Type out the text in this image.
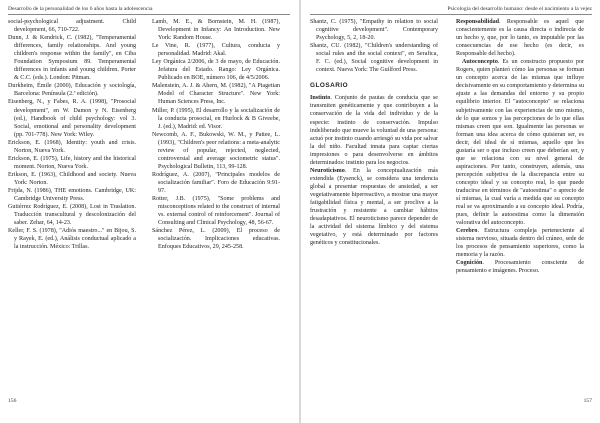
Desarrollo de la personalidad de los 6 años hasta la adolescencia

social-psychological adjustment. Child development, 66, 710-722.

Dunn, J. & Kendrick, C. (1982), "Temperamental differences, family relationships. And young children's response within the family", en Ciba Foundation Symposium 89. Temperamental differences in infants and young children. Porter & C.C. (eds.). London: Pitman.

Durkheim, Émile (2000), Educación y sociología, Barcelona: Península (2.ª edición).

Eisenberg, N., y Fabes, R. A. (1998), "Prosocial development", en W. Damon y N. Eisenberg (ed.), Handbook of child psychology: vol 3. Social, emotional and personality development (pp. 701-778). New York: Wiley.

Erickson, E. (1968), Identity: youth and crisis. Norton, Nueva York.

Erickson, E. (1975), Life, history and the historical moment. Norton, Nueva York.

Erikson, E. (1963), Childhood and society. Nueva York: Norton.

Frijda, N. (1986), THE emotions. Cambridge, UK: Cambridge University Press.

Gutiérrez Rodríguez, E. (2008), Lost in Traslation. Traducción transcultural y descolonización del saber. Zehar, 64, 14-23.

Keller, F. S. (1978), "Adiós maestro..." en Bijou, S. y Rayek, E. (ed.), Análisis conductual aplicado a la instrucción. México: Trillas.

Lamb, M. E., & Bornstein, M. H. (1987), Development in Infancy: An Introduction. New York: Random House.

Le Vine, R. (1977), Cultura, conducta y personalidad. Madrid: Akal.

Ley Orgánica 2/2006, de 3 de mayo, de Educación. Jefatura del Estado. Rango: Ley Orgánica. Publicado en BOE, número 106, de 4/5/2006.

Malenstein, A. J. & Ahern, M. (1982), "A Piagetian Model of Character Structure". New York: Human Sciences Press, Inc.

Miller, P. (1995), El desarrollo y la socialización de la conducta prosocial, en Hurlock & B Giveebe, J. (ed.), Madrid: ed. Visor.

Newcomb, A. F., Bukowski, W. M., y Pattee, L. (1993), "Children's peer relations: a meta-analytic review of popular, rejected, neglected, controversial and average sociometric status". Psychological Bulletin, 113, 99-128.

Rodríguez, A. (2007), "Principales modelos de socialización familiar". Foro de Educación 9:91-97.

Rotter, J.B. (1975), "Some problems and misconceptions related to the construct of internal vs. external control of reinforcement". Journal of Consulting and Clinical Psychology, 48, 56-67.

Sánchez Pérez, L. (2009), El proceso de socialización. Implicaciones educativas. Enfoques Educativos, 29, 245-258.

156
Psicología del desarrollo humano: desde el nacimiento a la vejez

Shantz, C. (1975), "Empathy in relation to social cognitive development". Contemporary Psychology, 5, 2, 18-20.

Shantz, CU. (1982), "Children's understanding of social rules and the social context", en Serafica, F. C. (ed.), Social cognitive development in context. Nueva York: The Guilford Press.

GLOSARIO

Instinto. Conjunto de pautas de conducta que se transmiten genéticamente y que contribuyen a la conservación de la vida del individuo y de la especie: instinto de conservación. Impulso indeliberado que mueve la voluntad de una persona: actuó por instinto cuando arriesgó su vida por salvar la del niño. Facultad innata para captar ciertas impresiones o para desenvolverse en ámbitos determinados: instinto para los negocios.

Neuroticismo. En la conceptualización más extendida (Eysenck), se considera una tendencia global a presentar respuestas de ansiedad, a ser vegetativamente hiperreactivo, a mostrar una mayor fatigabilidad física y mental, a ser proclive a la frustración y resistente a cambiar hábitos desadaptativos. El neuroticismo parece depender de la actividad del sistema límbico y del sistema vegetativo, y está determinado por factores genéticos y constitucionales.

Responsabilidad. Responsable es aquel que conscientemente es la causa directa o indirecta de un hecho y, que, por lo tanto, es imputable por las consecuencias de ese hecho (es decir, es Responsable del hecho).

Autoconcepto. Es un constructo propuesto por Rogers, quien planteó cómo las personas se forman un concepto acerca de las mismas que influye decisivamente en su comportamiento y determina su ajuste a las demandas del entorno y su propio equilibrio interior. El "autoconcepto" se relaciona subjetivamente con las experiencias de uno mismo, de lo que somos y las percepciones de lo que ellas mismas creen que son. Igualmente las personas se forman una idea acerca de cómo quisieran ser, es decir, del ideal de sí mismas, aquello que les gustaría ser o que incluso creen que deberían ser, y que se relaciona con su nivel general de aspiraciones. Por tanto, construyen, además, una percepción subjetiva de la discrepancia entre su concepto ideal y su concepto real, lo que puede traducirse en términos de "autoestima" o aprecio de sí mismas, la cual varía a medida que su concepto real se va aproximando a su concepto ideal. Podría, pues, definir la autoestima como la dimensión valorativa del autoconcepto.

Cerebro. Estructura compleja perteneciente al sistema nervioso, situada dentro del cráneo, sede de los procesos de pensamiento superiores, como la memoria y la razón.

Cognición. Procesamiento consciente de pensamiento e imágenes. Proceso.

157
